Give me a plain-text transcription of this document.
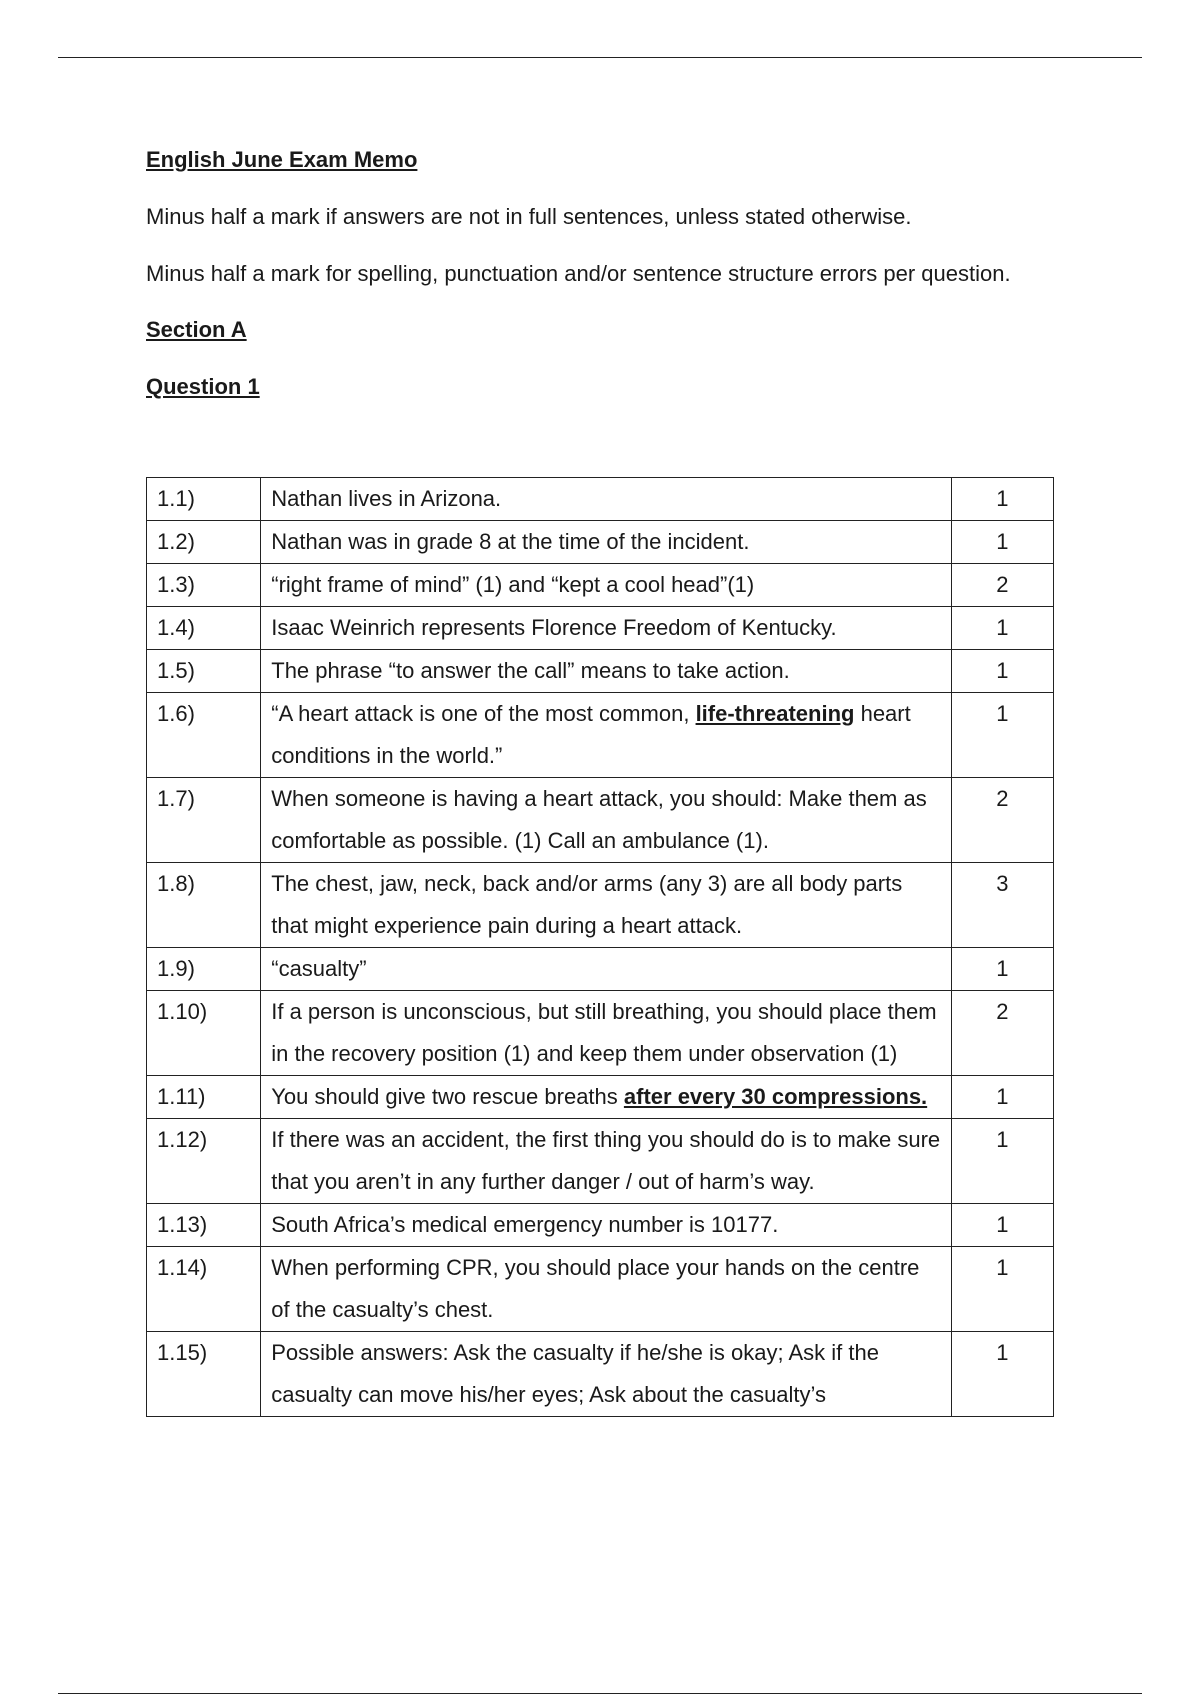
English June Exam Memo

Minus half a mark if answers are not in full sentences, unless stated otherwise.

Minus half a mark for spelling, punctuation and/or sentence structure errors per question.

Section A

Question 1

1.1)	Nathan lives in Arizona.	1
1.2)	Nathan was in grade 8 at the time of the incident.	1
1.3)	“right frame of mind” (1) and “kept a cool head”(1)	2
1.4)	Isaac Weinrich represents Florence Freedom of Kentucky.	1
1.5)	The phrase “to answer the call” means to take action.	1
1.6)	“A heart attack is one of the most common, life-threatening heart conditions in the world.”	1
1.7)	When someone is having a heart attack, you should: Make them as comfortable as possible. (1) Call an ambulance (1).	2
1.8)	The chest, jaw, neck, back and/or arms (any 3) are all body parts that might experience pain during a heart attack.	3
1.9)	“casualty”	1
1.10)	If a person is unconscious, but still breathing, you should place them in the recovery position (1) and keep them under observation (1)	2
1.11)	You should give two rescue breaths after every 30 compressions.	1
1.12)	If there was an accident, the first thing you should do is to make sure that you aren’t in any further danger / out of harm’s way.	1
1.13)	South Africa’s medical emergency number is 10177.	1
1.14)	When performing CPR, you should place your hands on the centre of the casualty’s chest.	1
1.15)	Possible answers: Ask the casualty if he/she is okay; Ask if the casualty can move his/her eyes; Ask about the casualty’s	1
